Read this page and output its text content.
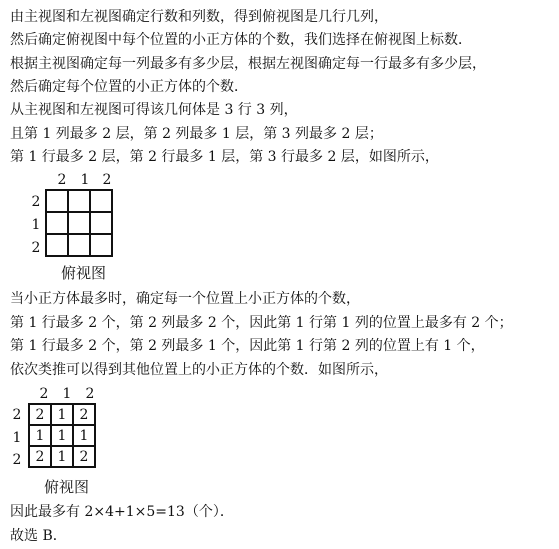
由主视图和左视图确定行数和列数，得到俯视图是几行几列，
然后确定俯视图中每个位置的小正方体的个数，我们选择在俯视图上标数．
根据主视图确定每一列最多有多少层，根据左视图确定每一行最多有多少层，
然后确定每个位置的小正方体的个数．
从主视图和左视图可得该几何体是 3 行 3 列，
且第 1 列最多 2 层，第 2 列最多 1 层，第 3 列最多 2 层；
第 1 行最多 2 层，第 2 行最多 1 层，第 3 行最多 2 层，如图所示，
2 1 2
2
1
2

俯视图
当小正方体最多时，确定每一个位置上小正方体的个数，
第 1 行最多 2 个，第 2 列最多 2 个，因此第 1 行第 1 列的位置上最多有 2 个；
第 1 行最多 2 个，第 2 列最多 1 个，因此第 1 行第 2 列的位置上有 1 个，
依次类推可以得到其他位置上的小正方体的个数．如图所示，
2 1 2
2
1
2
2	1	2
1	1	1
2	1	2
俯视图
因此最多有 2×4+1×5=13（个）．
故选 B．
